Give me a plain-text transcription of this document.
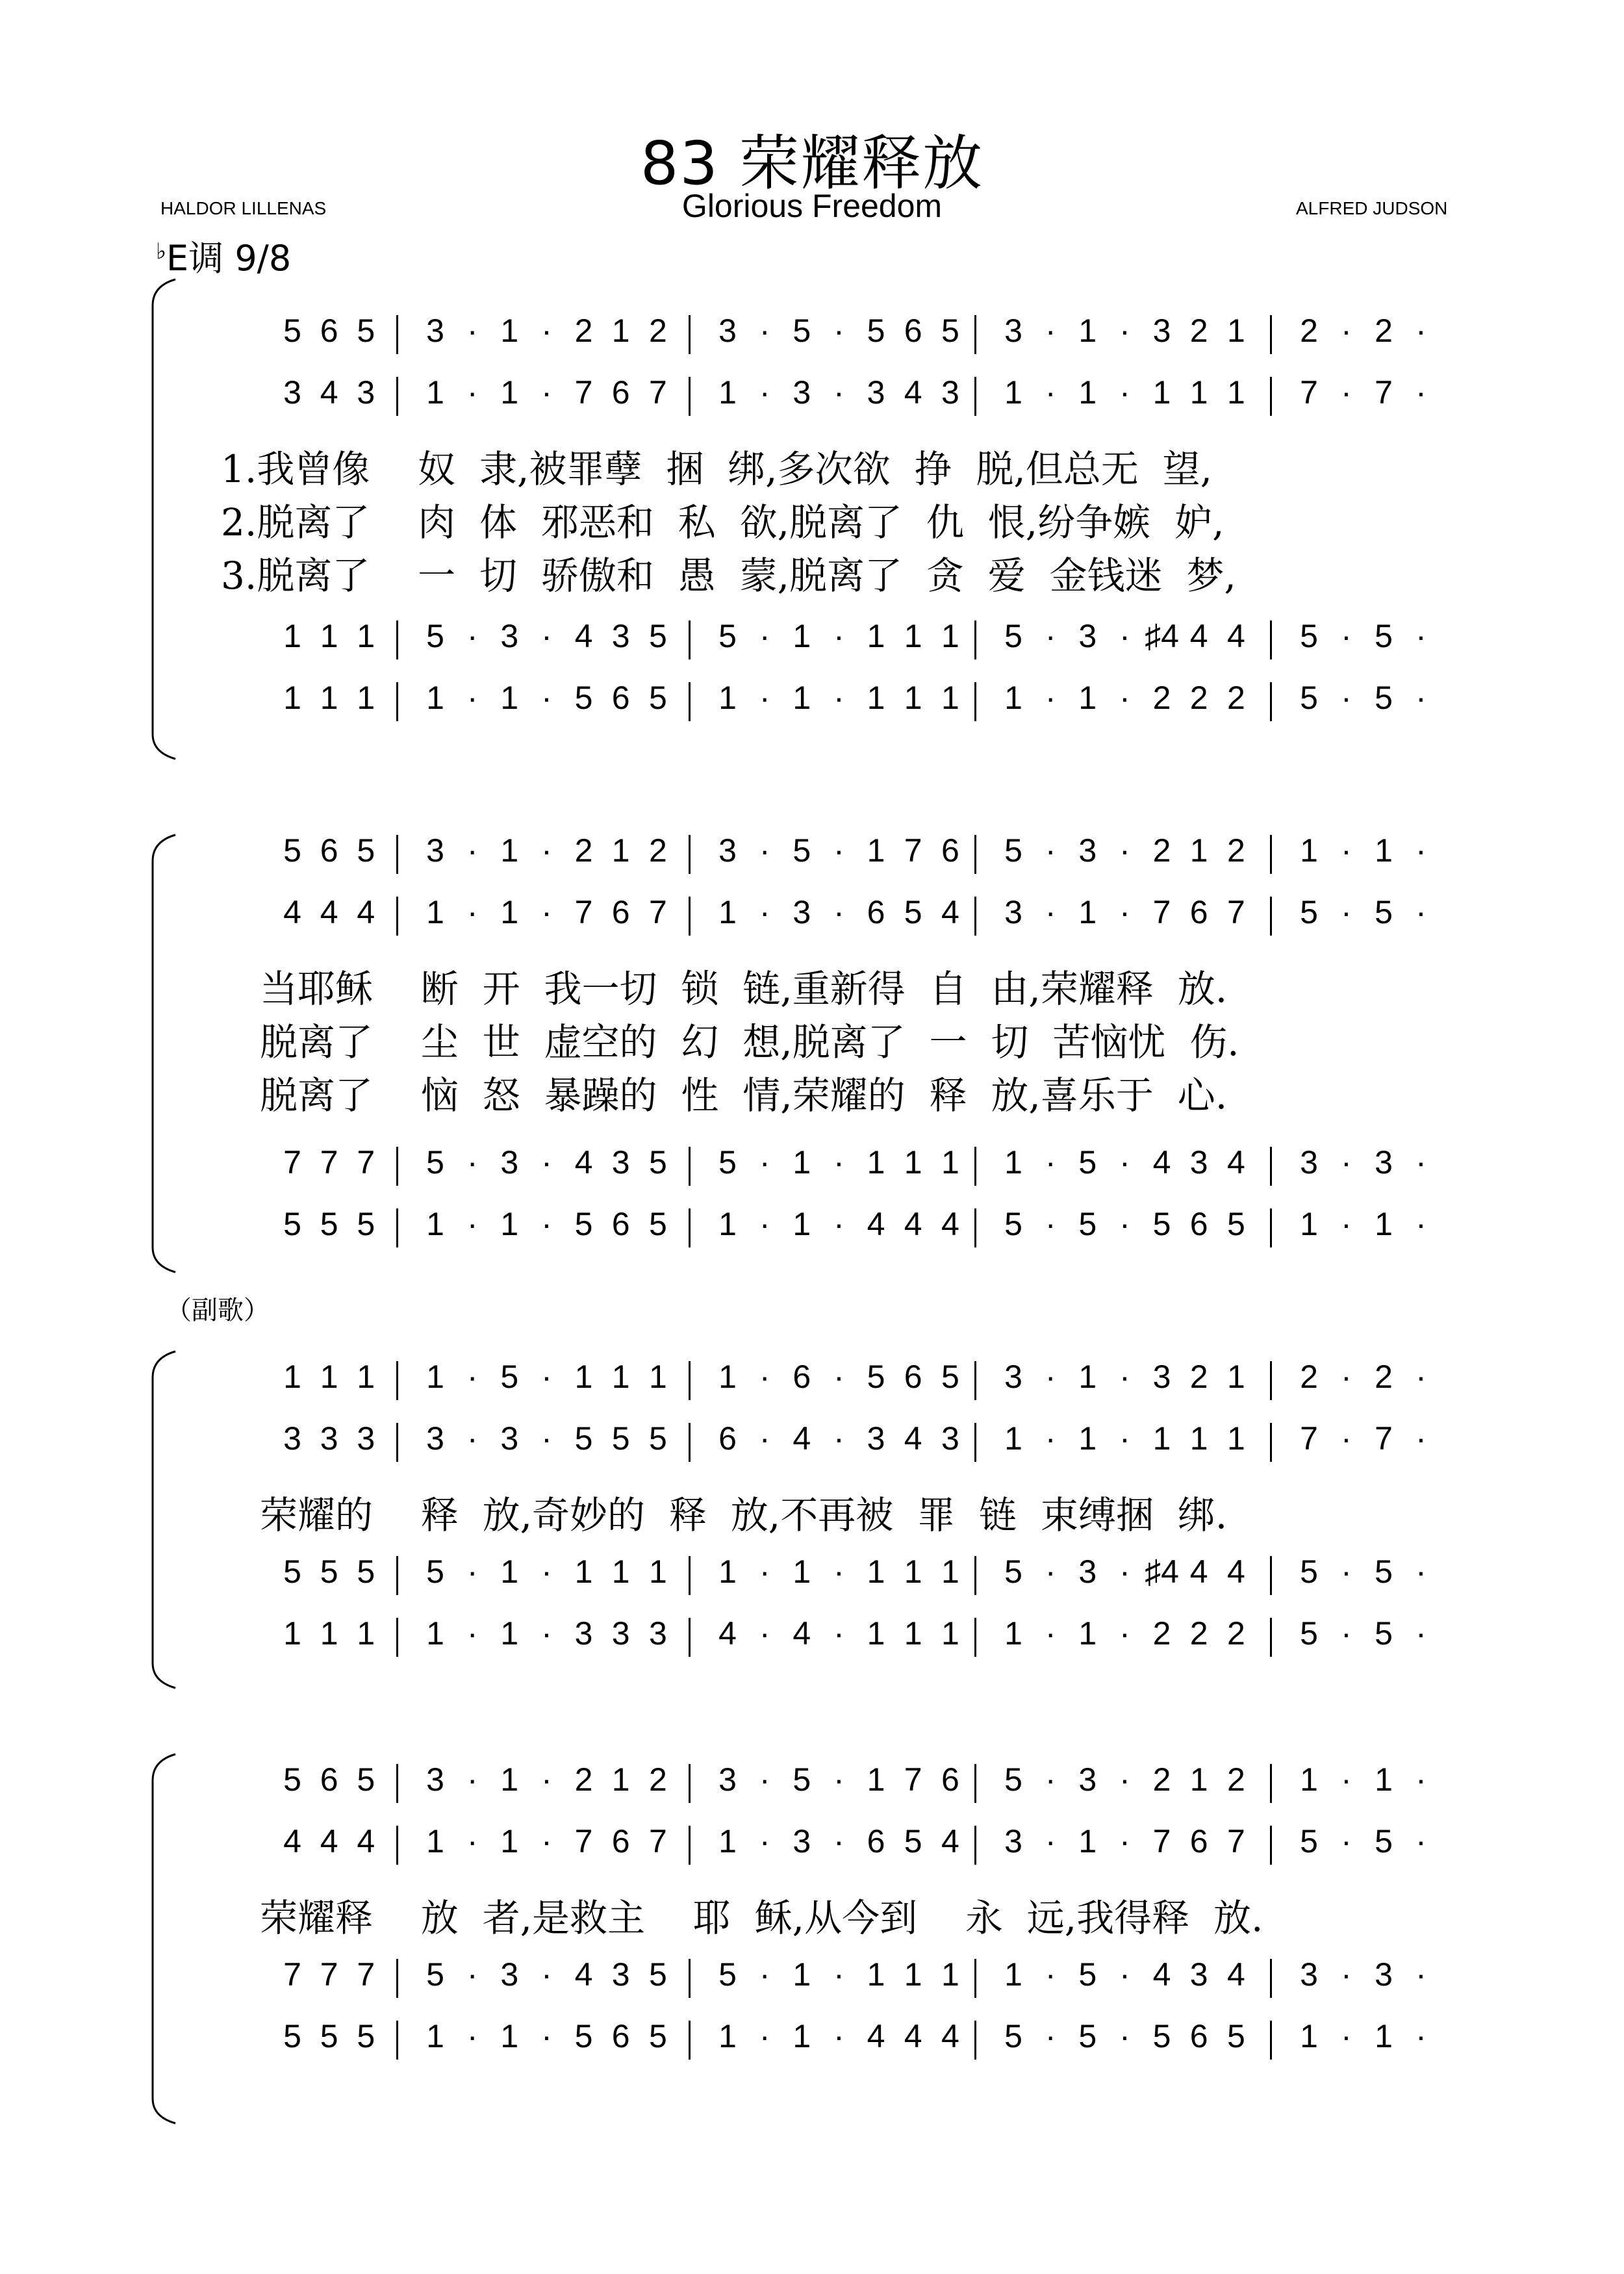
83 荣耀释放
Glorious Freedom
HALDOR LILLENAS	ALFRED JUDSON
♭E调 9/8
（副歌）
5 6 5	3 · 1 · 2 1 2	3 · 5 · 5 6 5	3 · 1 · 3 2 1	2 · 2 ·
3 4 3	1 · 1 · 7 6 7	1 · 3 · 3 4 3	1 · 1 · 1 1 1	7 · 7 ·
1 1 1	5 · 3 · 4 3 5	5 · 1 · 1 1 1	5 · 3 · ♯4 4 4	5 · 5 ·
1 1 1	1 · 1 · 5 6 5	1 · 1 · 1 1 1	1 · 1 · 2 2 2	5 · 5 ·
1.我曾像    奴  隶,被罪孽  捆  绑,多次欲  挣  脱,但总无  望,
2.脱离了    肉  体  邪恶和  私  欲,脱离了  仇  恨,纷争嫉  妒,
3.脱离了    一  切  骄傲和  愚  蒙,脱离了  贪  爱  金钱迷  梦,
5 6 5	3 · 1 · 2 1 2	3 · 5 · 1 7 6	5 · 3 · 2 1 2	1 · 1 ·
4 4 4	1 · 1 · 7 6 7	1 · 3 · 6 5 4	3 · 1 · 7 6 7	5 · 5 ·
7 7 7	5 · 3 · 4 3 5	5 · 1 · 1 1 1	1 · 5 · 4 3 4	3 · 3 ·
5 5 5	1 · 1 · 5 6 5	1 · 1 · 4 4 4	5 · 5 · 5 6 5	1 · 1 ·
当耶稣    断  开  我一切  锁  链,重新得  自  由,荣耀释  放.
脱离了    尘  世  虚空的  幻  想,脱离了  一  切  苦恼忧  伤.
脱离了    恼  怒  暴躁的  性  情,荣耀的  释  放,喜乐于  心.
1 1 1	1 · 5 · 1 1 1	1 · 6 · 5 6 5	3 · 1 · 3 2 1	2 · 2 ·
3 3 3	3 · 3 · 5 5 5	6 · 4 · 3 4 3	1 · 1 · 1 1 1	7 · 7 ·
5 5 5	5 · 1 · 1 1 1	1 · 1 · 1 1 1	5 · 3 · ♯4 4 4	5 · 5 ·
1 1 1	1 · 1 · 3 3 3	4 · 4 · 1 1 1	1 · 1 · 2 2 2	5 · 5 ·
荣耀的    释  放,奇妙的  释  放,不再被  罪  链  束缚捆  绑.
5 6 5	3 · 1 · 2 1 2	3 · 5 · 1 7 6	5 · 3 · 2 1 2	1 · 1 ·
4 4 4	1 · 1 · 7 6 7	1 · 3 · 6 5 4	3 · 1 · 7 6 7	5 · 5 ·
7 7 7	5 · 3 · 4 3 5	5 · 1 · 1 1 1	1 · 5 · 4 3 4	3 · 3 ·
5 5 5	1 · 1 · 5 6 5	1 · 1 · 4 4 4	5 · 5 · 5 6 5	1 · 1 ·
荣耀释    放  者,是救主    耶  稣,从今到    永  远,我得释  放.
